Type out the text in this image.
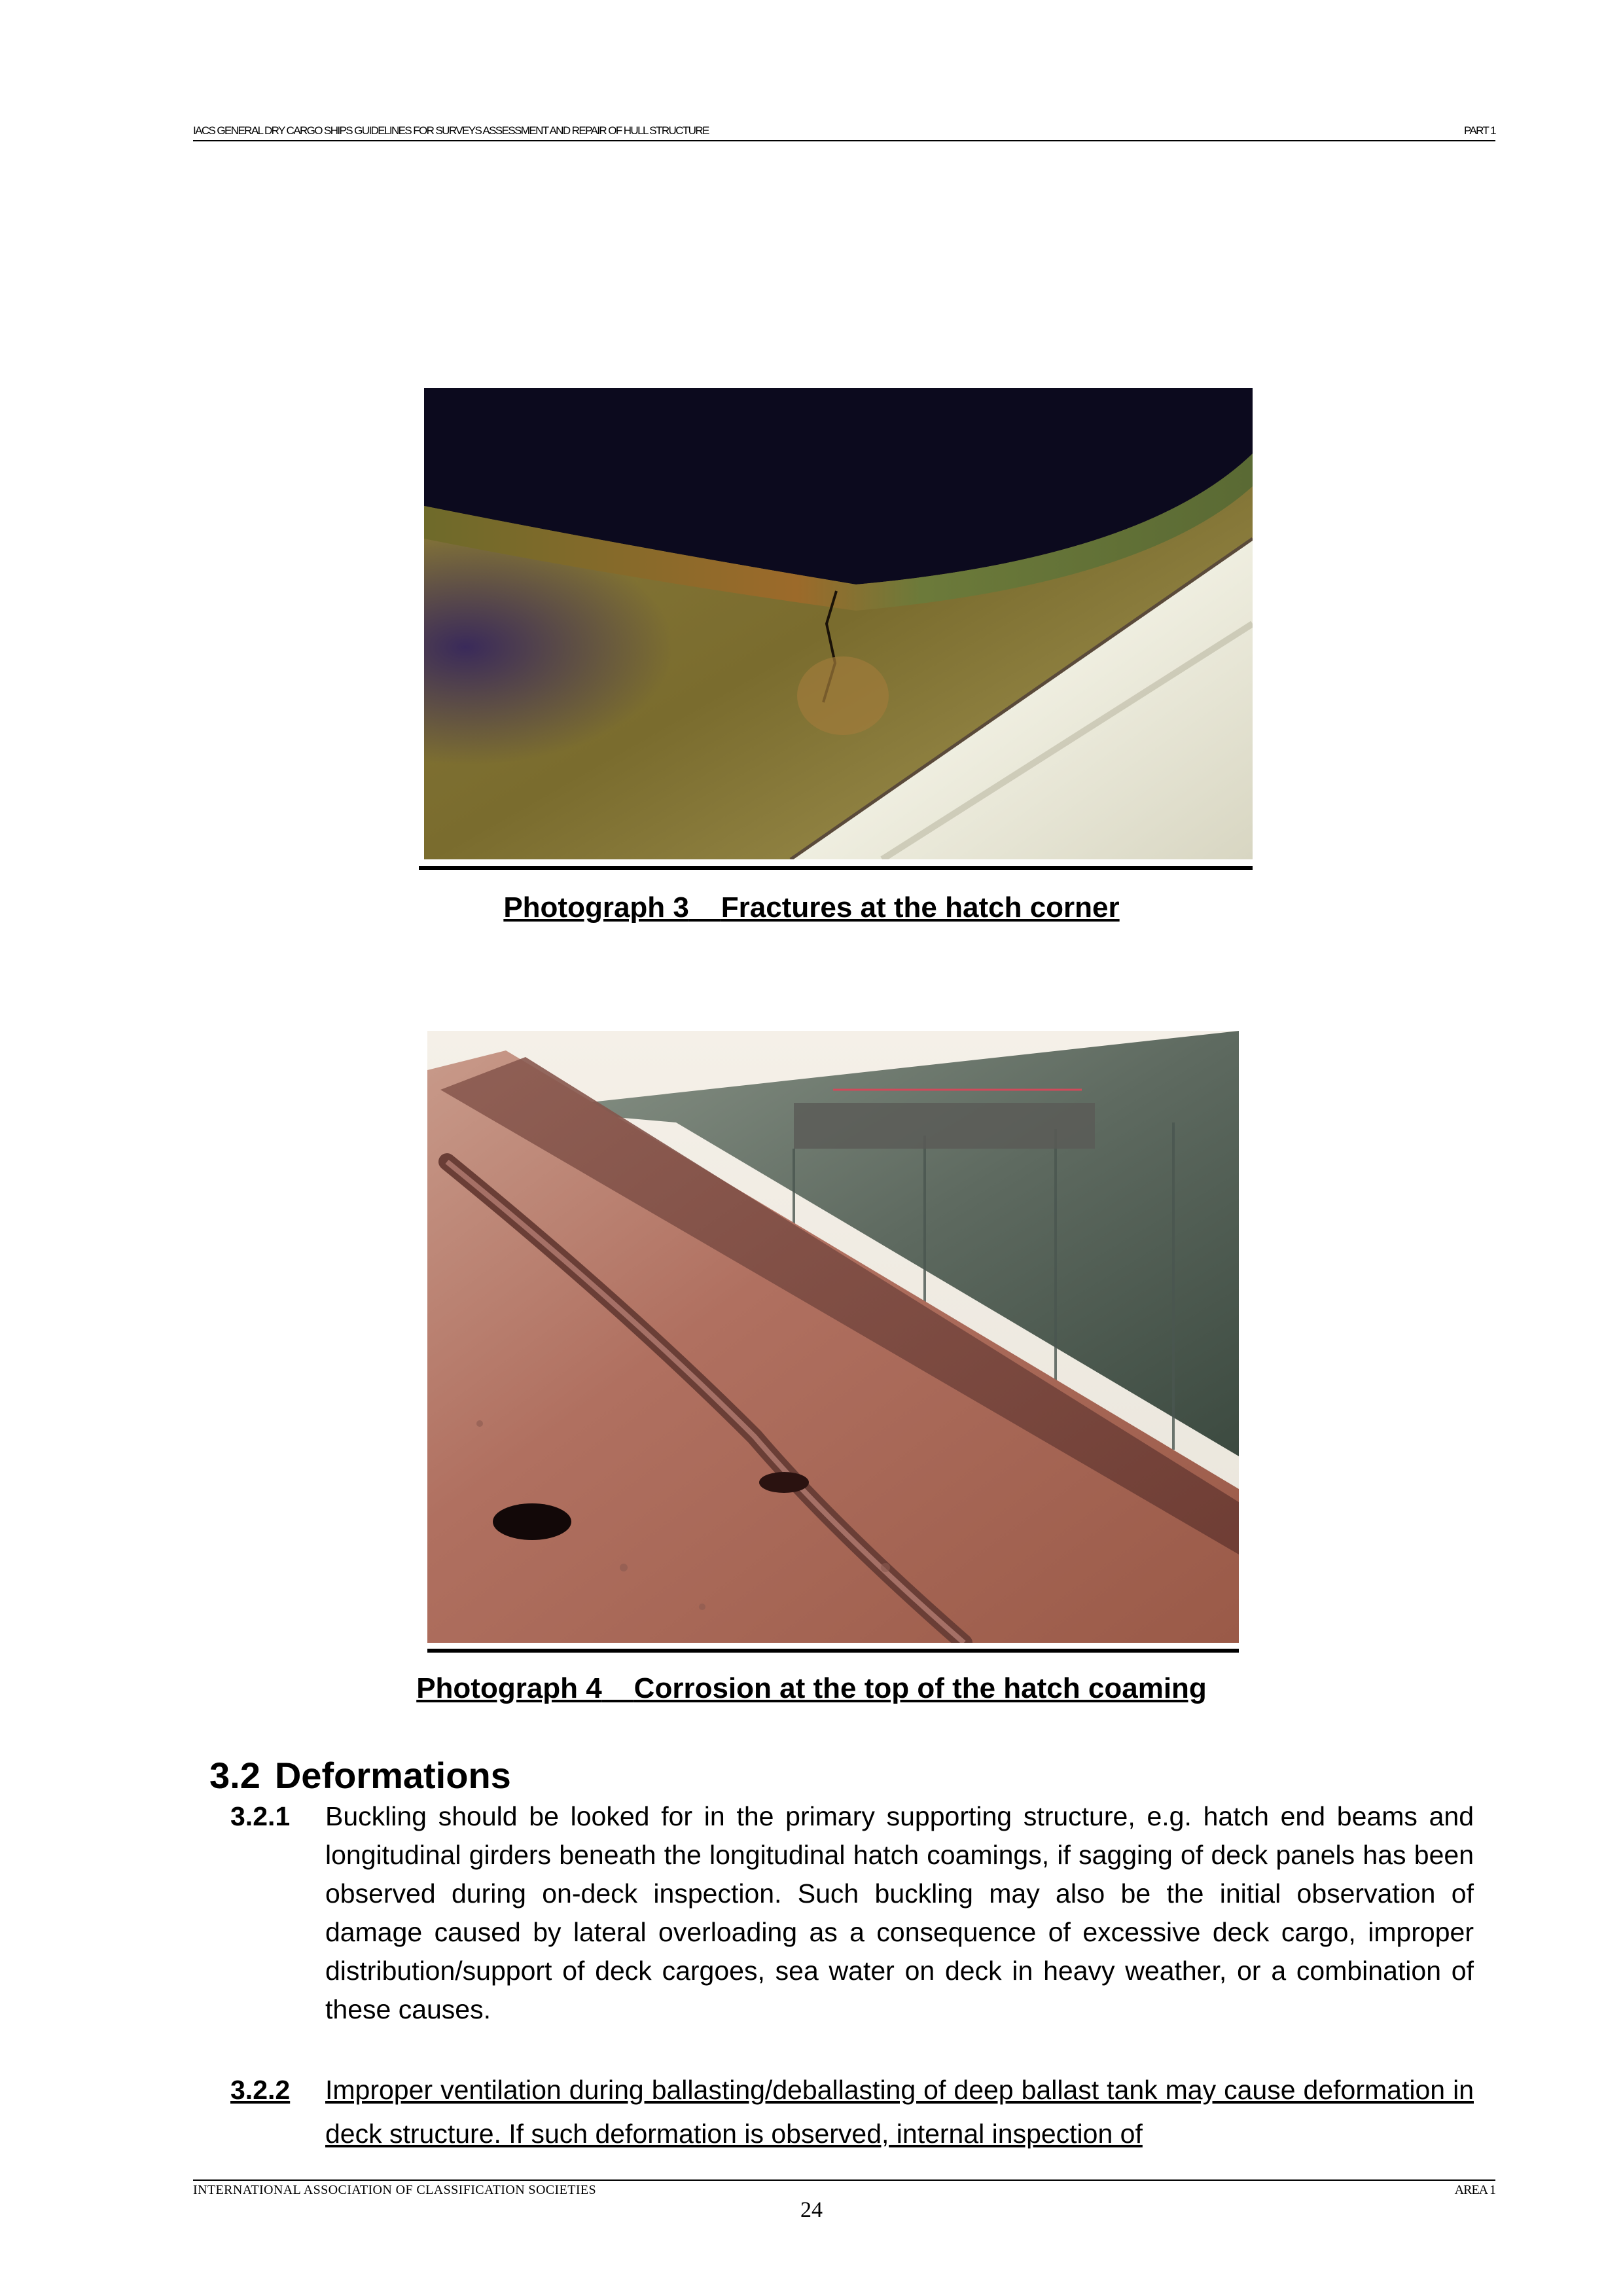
IACS GENERAL DRY CARGO SHIPS GUIDELINES FOR SURVEYS ASSESSMENT AND REPAIR OF HULL STRUCTURE	PART 1
Photograph 3 Fractures at the hatch corner
Photograph 4 Corrosion at the top of the hatch coaming
3.2 Deformations
3.2.1 Buckling should be looked for in the primary supporting structure, e.g. hatch end beams and longitudinal girders beneath the longitudinal hatch coamings, if sagging of deck panels has been observed during on-deck inspection. Such buckling may also be the initial observation of damage caused by lateral overloading as a consequence of excessive deck cargo, improper distribution/support of deck cargoes, sea water on deck in heavy weather, or a combination of these causes.
3.2.2 Improper ventilation during ballasting/deballasting of deep ballast tank may cause deformation in deck structure. If such deformation is observed, internal inspection of
INTERNATIONAL ASSOCIATION OF CLASSIFICATION SOCIETIES	AREA 1
24
